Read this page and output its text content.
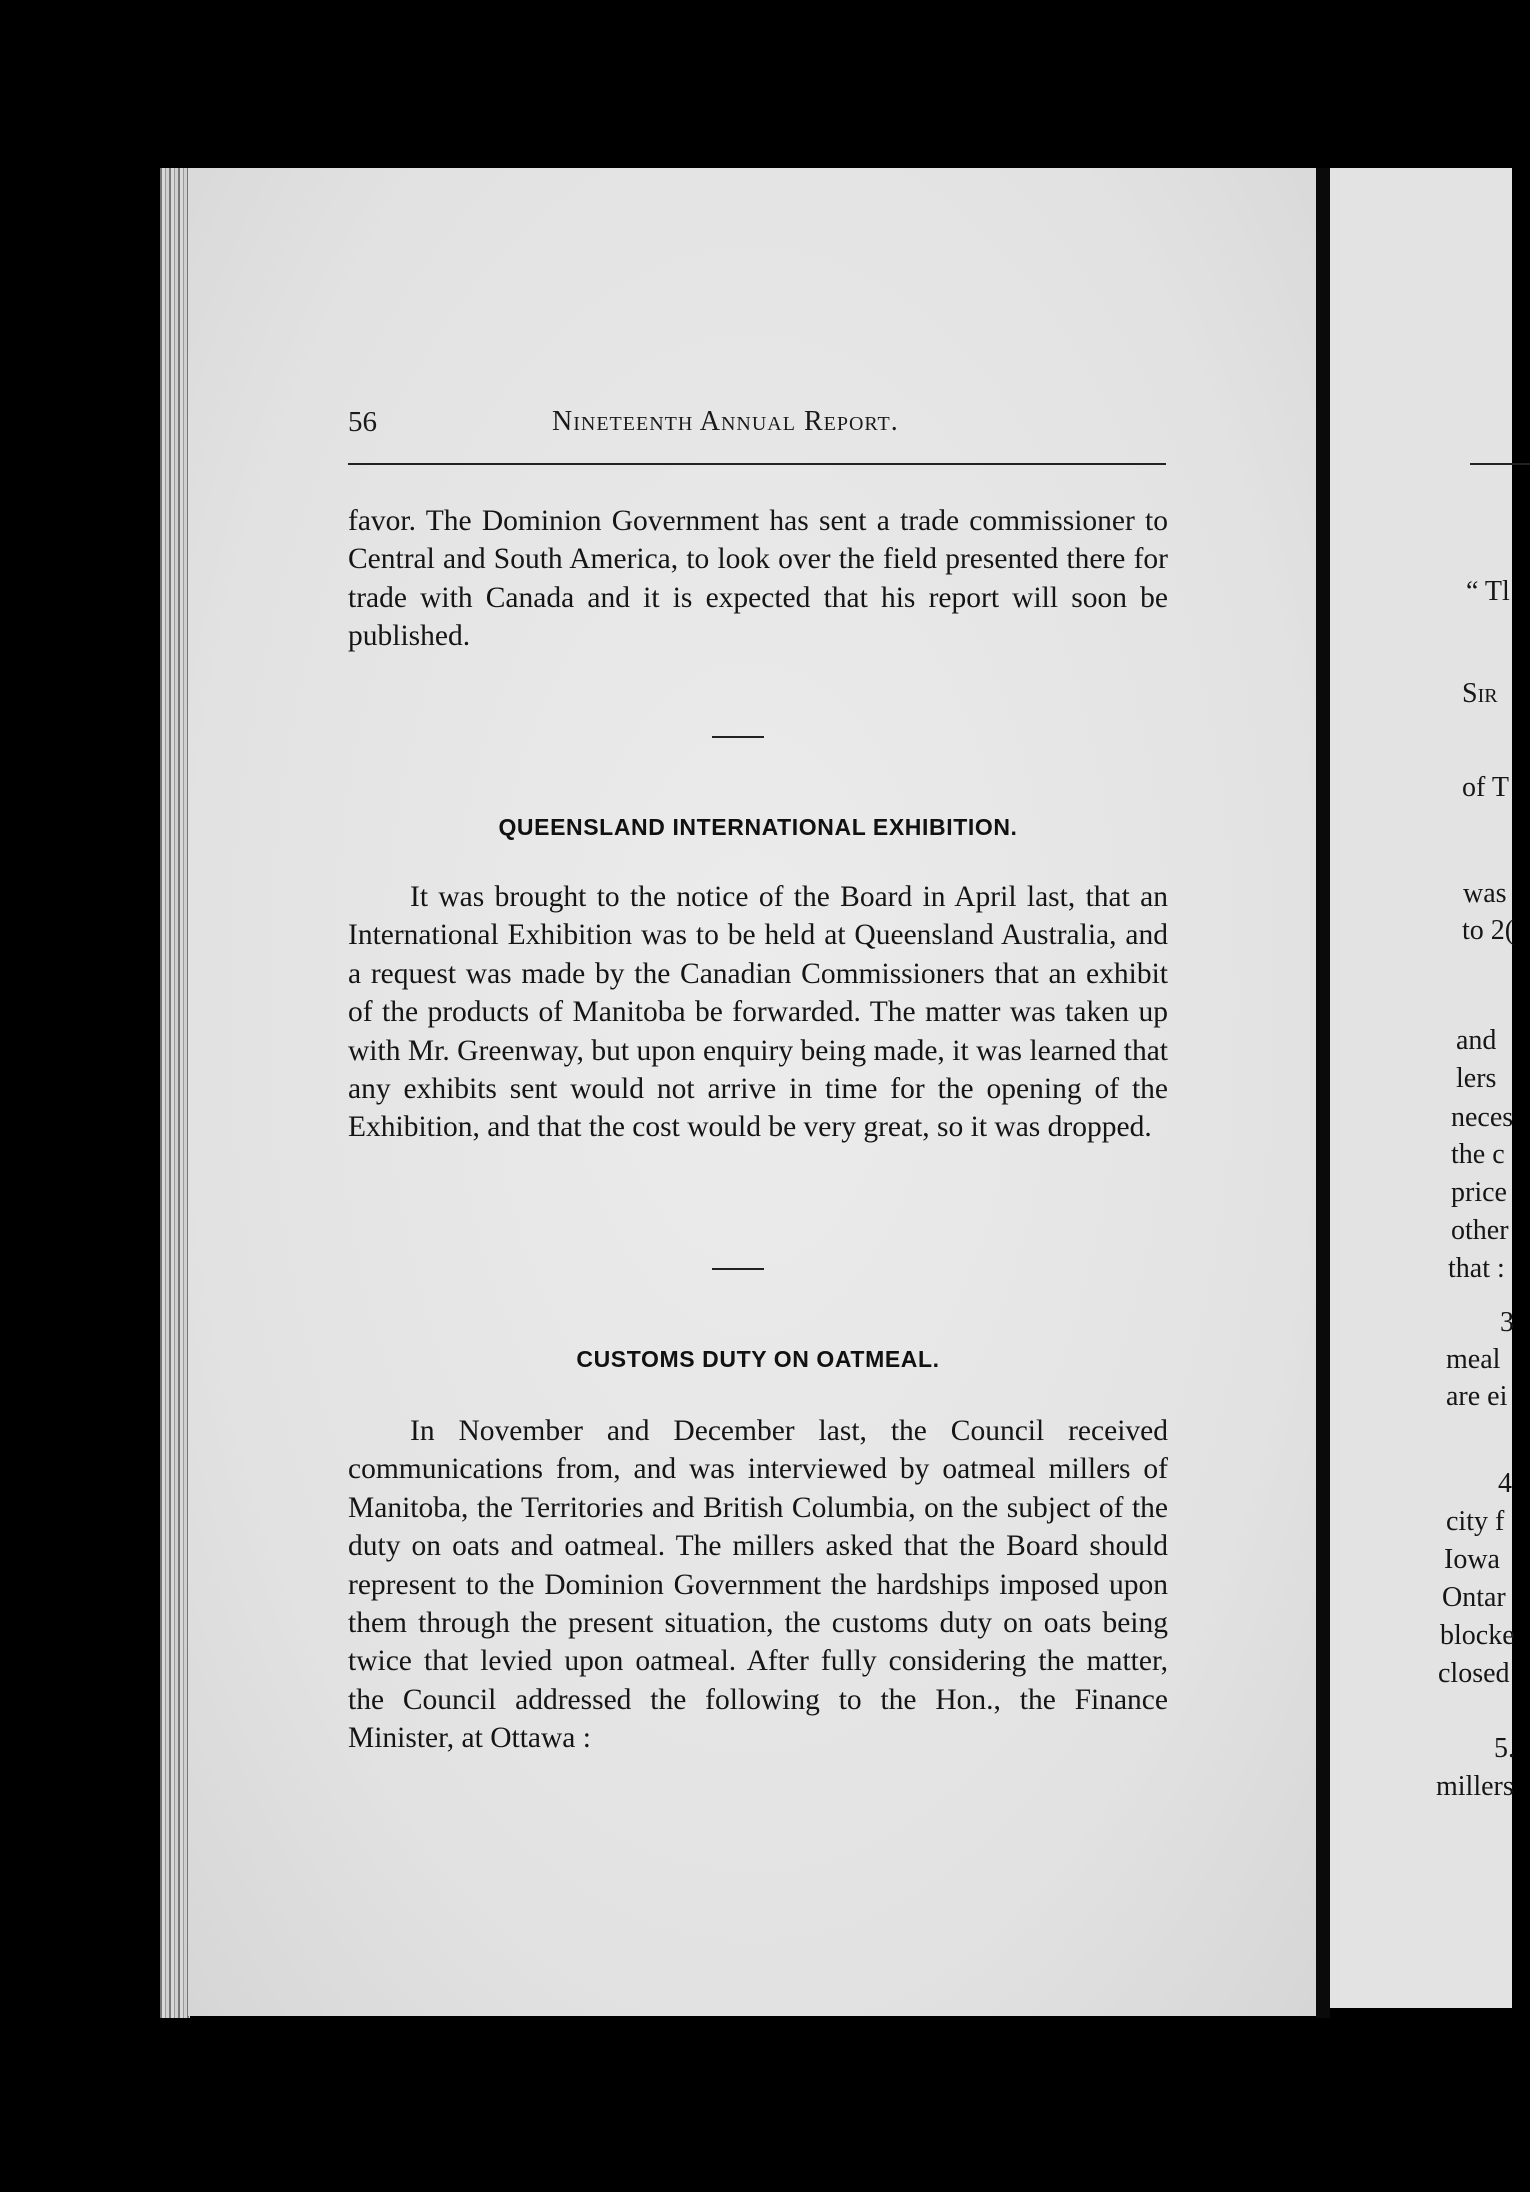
“ Tl
Sir
of T
was
to 2(
and
lers
neces
the c
price
other
that :
3
meal
are ei
4
city f
Iowa
Ontar
blocke
closed
5.
millers
56	Nineteenth Annual Report.
favor. The Dominion Government has sent a trade commissioner to Central and South America, to look over the field presented there for trade with Canada and it is expected that his report will soon be published.
QUEENSLAND INTERNATIONAL EXHIBITION.
It was brought to the notice of the Board in April last, that an International Exhibition was to be held at Queensland Australia, and a request was made by the Canadian Commissioners that an exhibit of the products of Manitoba be forwarded. The matter was taken up with Mr. Greenway, but upon enquiry being made, it was learned that any exhibits sent would not arrive in time for the opening of the Exhibition, and that the cost would be very great, so it was dropped.
CUSTOMS DUTY ON OATMEAL.
In November and December last, the Council received communications from, and was interviewed by oatmeal millers of Manitoba, the Territories and British Columbia, on the subject of the duty on oats and oatmeal. The millers asked that the Board should represent to the Dominion Government the hardships imposed upon them through the present situation, the customs duty on oats being twice that levied upon oatmeal. After fully considering the matter, the Council addressed the following to the Hon., the Finance Minister, at Ottawa :
